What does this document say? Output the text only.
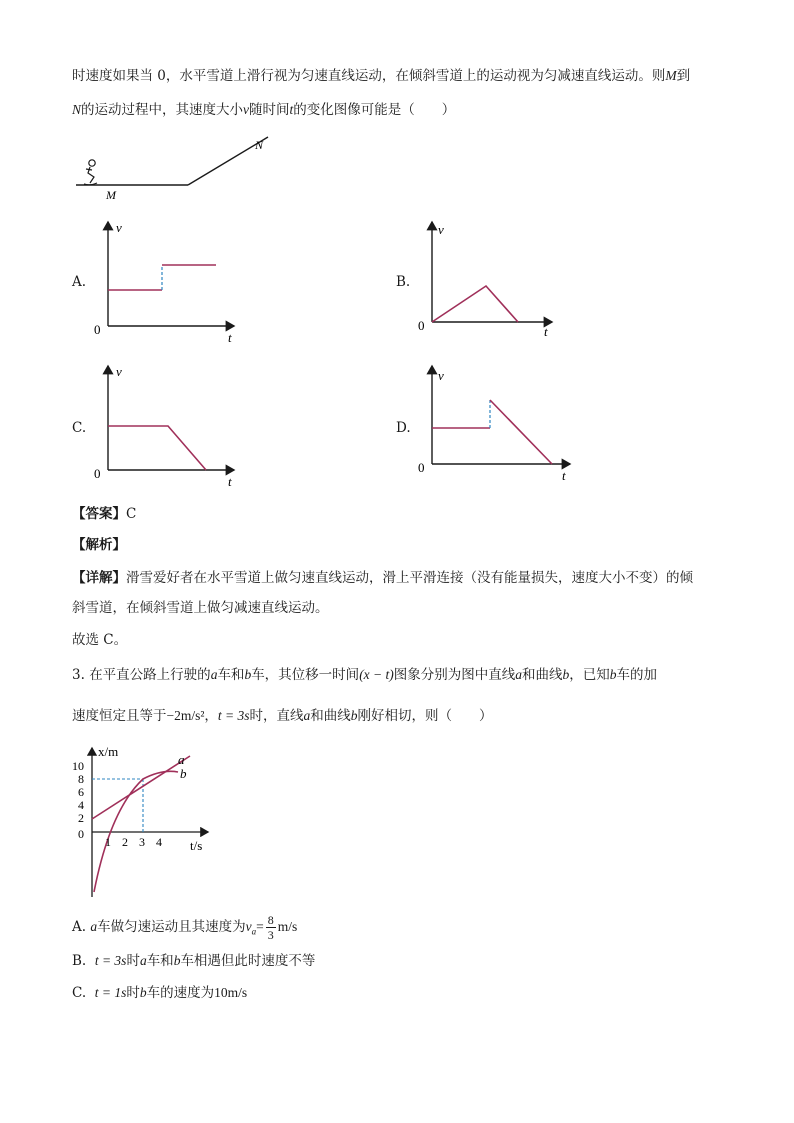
时速度如果当 0，水平雪道上滑行视为匀速直线运动，在倾斜雪道上的运动视为匀减速直线运动。则M到
N的运动过程中，其速度大小v随时间t的变化图像可能是（　　）
M
N
A.
v
t
0
B.
v
t
0
C.
v
t
0
D.
v
t
0
【答案】C
【解析】
【详解】滑雪爱好者在水平雪道上做匀速直线运动，滑上平滑连接（没有能量损失，速度大小不变）的倾
斜雪道，在倾斜雪道上做匀减速直线运动。
故选 C。
3. 在平直公路上行驶的a车和b车，其位移一时间(x − t)图象分别为图中直线a和曲线b，已知b车的加
速度恒定且等于−2m/s²，t = 3s时，直线a和曲线b刚好相切，则（　　）
x/m
t/s
a
b
10
8
6
4
2
0
1 2 3 4
A. a车做匀速运动且其速度为$v_a= \frac{8}{3} m/s$
B. t = 3s时a车和b车相遇但此时速度不等
C. t = 1s时b车的速度为10m/s
